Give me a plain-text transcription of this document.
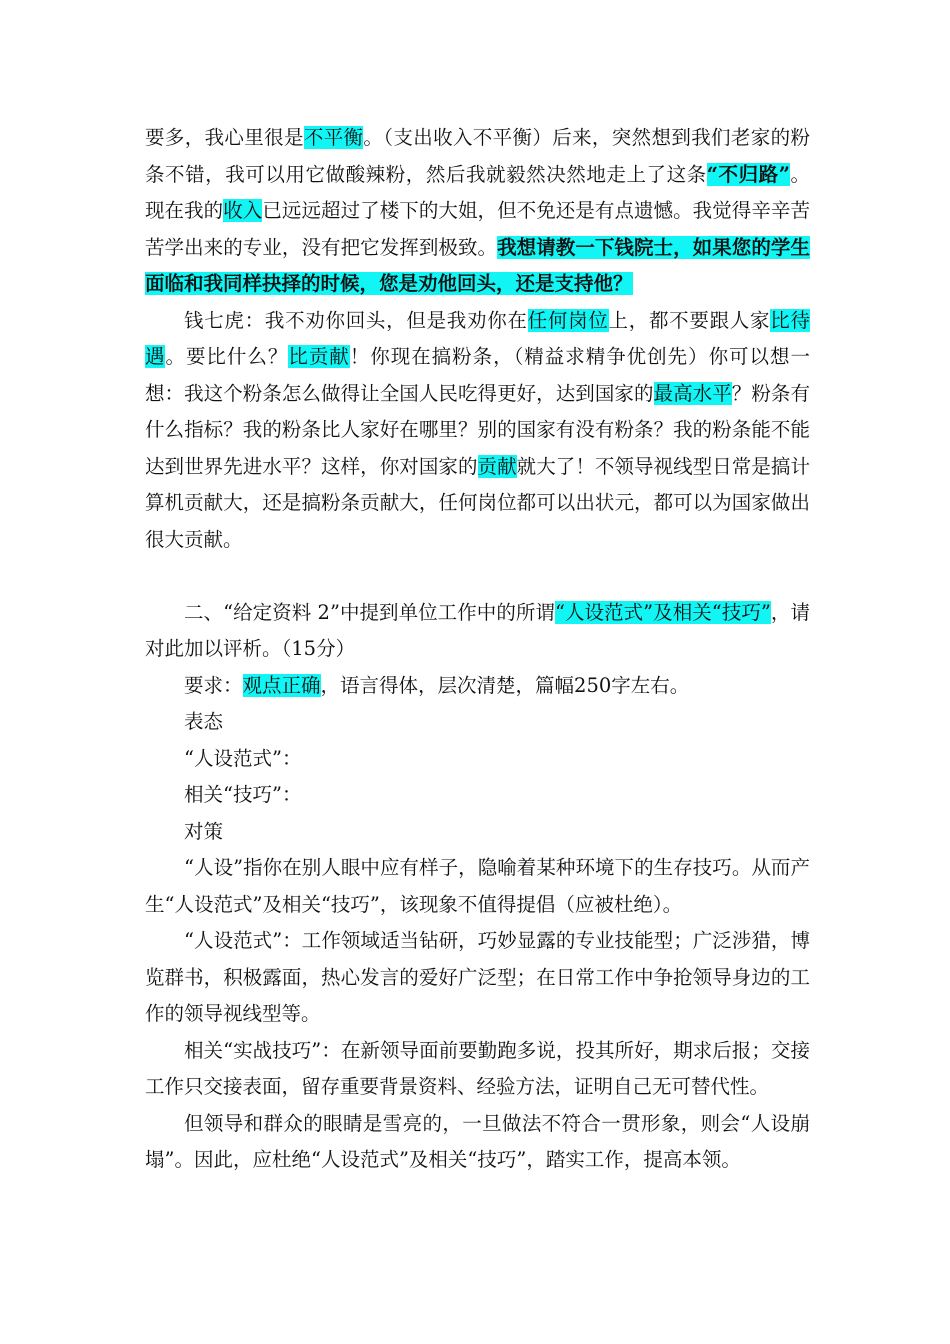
要多，我心里很是不平衡。（支出收入不平衡）后来，突然想到我们老家的粉条不错，我可以用它做酸辣粉，然后我就毅然决然地走上了这条“不归路”。现在我的收入已远远超过了楼下的大姐，但不免还是有点遗憾。我觉得辛辛苦苦学出来的专业，没有把它发挥到极致。我想请教一下钱院士，如果您的学生面临和我同样抉择的时候，您是劝他回头，还是支持他？

钱七虎：我不劝你回头，但是我劝你在任何岗位上，都不要跟人家比待遇。要比什么？比贡献！你现在搞粉条，（精益求精争优创先）你可以想一想：我这个粉条怎么做得让全国人民吃得更好，达到国家的最高水平？粉条有什么指标？我的粉条比人家好在哪里？别的国家有没有粉条？我的粉条能不能达到世界先进水平？这样，你对国家的贡献就大了！不领导视线型日常是搞计算机贡献大，还是搞粉条贡献大，任何岗位都可以出状元，都可以为国家做出很大贡献。

二、“给定资料 2”中提到单位工作中的所谓“人设范式”及相关“技巧”，请对此加以评析。（15分）

要求：观点正确，语言得体，层次清楚，篇幅250字左右。

表态

“人设范式”：

相关“技巧”：

对策

“人设”指你在别人眼中应有样子，隐喻着某种环境下的生存技巧。从而产生“人设范式”及相关“技巧”，该现象不值得提倡（应被杜绝）。

“人设范式”：工作领域适当钻研，巧妙显露的专业技能型；广泛涉猎，博览群书，积极露面，热心发言的爱好广泛型；在日常工作中争抢领导身边的工作的领导视线型等。

相关“实战技巧”：在新领导面前要勤跑多说，投其所好，期求后报；交接工作只交接表面，留存重要背景资料、经验方法，证明自己无可替代性。

但领导和群众的眼睛是雪亮的，一旦做法不符合一贯形象，则会“人设崩塌”。因此，应杜绝“人设范式”及相关“技巧”，踏实工作，提高本领。
